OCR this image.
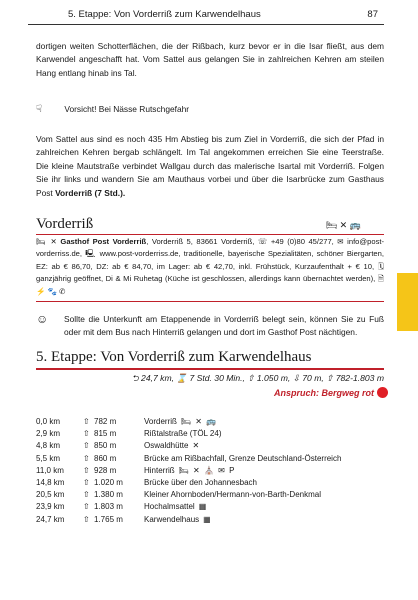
5. Etappe: Von Vorderriß zum Karwendelhaus	87

dortigen weiten Schotterflächen, die der Rißbach, kurz bevor er in die Isar fließt, aus dem Karwendel angeschafft hat. Vom Sattel aus gelangen Sie in zahlreichen Kehren am steilen Hang entlang hinab ins Tal.

☟	Vorsicht! Bei Nässe Rutschgefahr

Vom Sattel aus sind es noch 435 Hm Abstieg bis zum Ziel in Vorderriß, die sich der Pfad in zahlreichen Kehren bergab schlängelt. Im Tal angekommen erreichen Sie eine Teerstraße. Die kleine Mautstraße verbindet Wallgau durch das malerische Isartal mit Vorderriß. Folgen Sie ihr links und wandern Sie am Mauthaus vorbei und über die Isarbrücke zum Gasthaus Post Vorderriß (7 Std.).

Vorderriß	🛏 ✕ 🚌

🛏 ✕ Gasthof Post Vorderriß, Vorderriß 5, 83661 Vorderriß, ☏ +49 (0)80 45/277, ✉ info@post-vorderriss.de, 🖳 www.post-vorderriss.de, traditionelle, bayerische Spezialitäten, schöner Biergarten, EZ: ab € 86,70, DZ: ab € 84,70, im Lager: ab € 42,70, inkl. Frühstück, Kurzaufenthalt + € 10, 🗓 ganzjährig geöffnet, Di & Mi Ruhetag (Küche ist geschlossen, allerdings kann übernachtet werden), 🗎 ⚡ 🐾 ✆

☺	Sollte die Unterkunft am Etappenende in Vorderriß belegt sein, können Sie zu Fuß oder mit dem Bus nach Hinterriß gelangen und dort im Gasthof Post nächtigen.
5. Etappe: Von Vorderriß zum Karwendelhaus
⮌ 24,7 km, ⌛ 7 Std. 30 Min., ⇧ 1.050 m, ⇩ 70 m, ⇧ 782-1.803 m
Anspruch: Bergweg rot
0,0 km	⇧ 782 m	Vorderriß 🛏 ✕ 🚌
2,9 km	⇧ 815 m	Rißtalstraße (TÖL 24)
4,8 km	⇧ 850 m	Oswaldhütte ✕
5,5 km	⇧ 860 m	Brücke am Rißbachfall, Grenze Deutschland-Österreich
11,0 km ⇧ 928 m	Hinterriß 🛏 ✕ ⛪ ✉ P
14,8 km ⇧ 1.020 m	Brücke über den Johannesbach
20,5 km ⇧ 1.380 m	Kleiner Ahornboden/Hermann-von-Barth-Denkmal
23,9 km ⇧ 1.803 m	Hochalmsattel ▦
24,7 km ⇧ 1.765 m	Karwendelhaus ▦
